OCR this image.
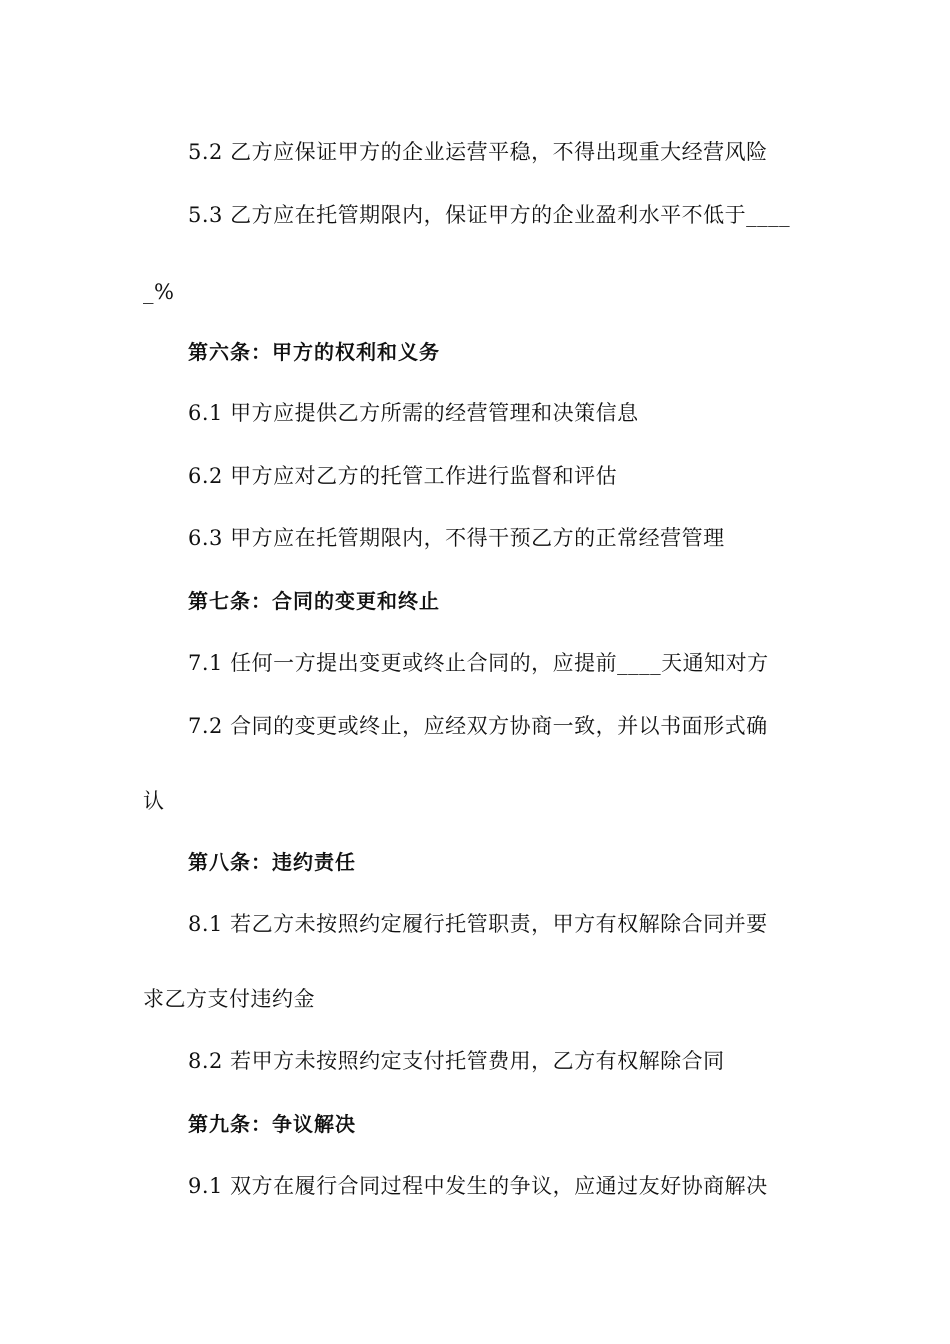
5.2 乙方应保证甲方的企业运营平稳，不得出现重大经营风险
5.3 乙方应在托管期限内，保证甲方的企业盈利水平不低于____
_%
第六条：甲方的权利和义务
6.1 甲方应提供乙方所需的经营管理和决策信息
6.2 甲方应对乙方的托管工作进行监督和评估
6.3 甲方应在托管期限内，不得干预乙方的正常经营管理
第七条：合同的变更和终止
7.1 任何一方提出变更或终止合同的，应提前____天通知对方
7.2 合同的变更或终止，应经双方协商一致，并以书面形式确
认
第八条：违约责任
8.1 若乙方未按照约定履行托管职责，甲方有权解除合同并要
求乙方支付违约金
8.2 若甲方未按照约定支付托管费用，乙方有权解除合同
第九条：争议解决
9.1 双方在履行合同过程中发生的争议，应通过友好协商解决
